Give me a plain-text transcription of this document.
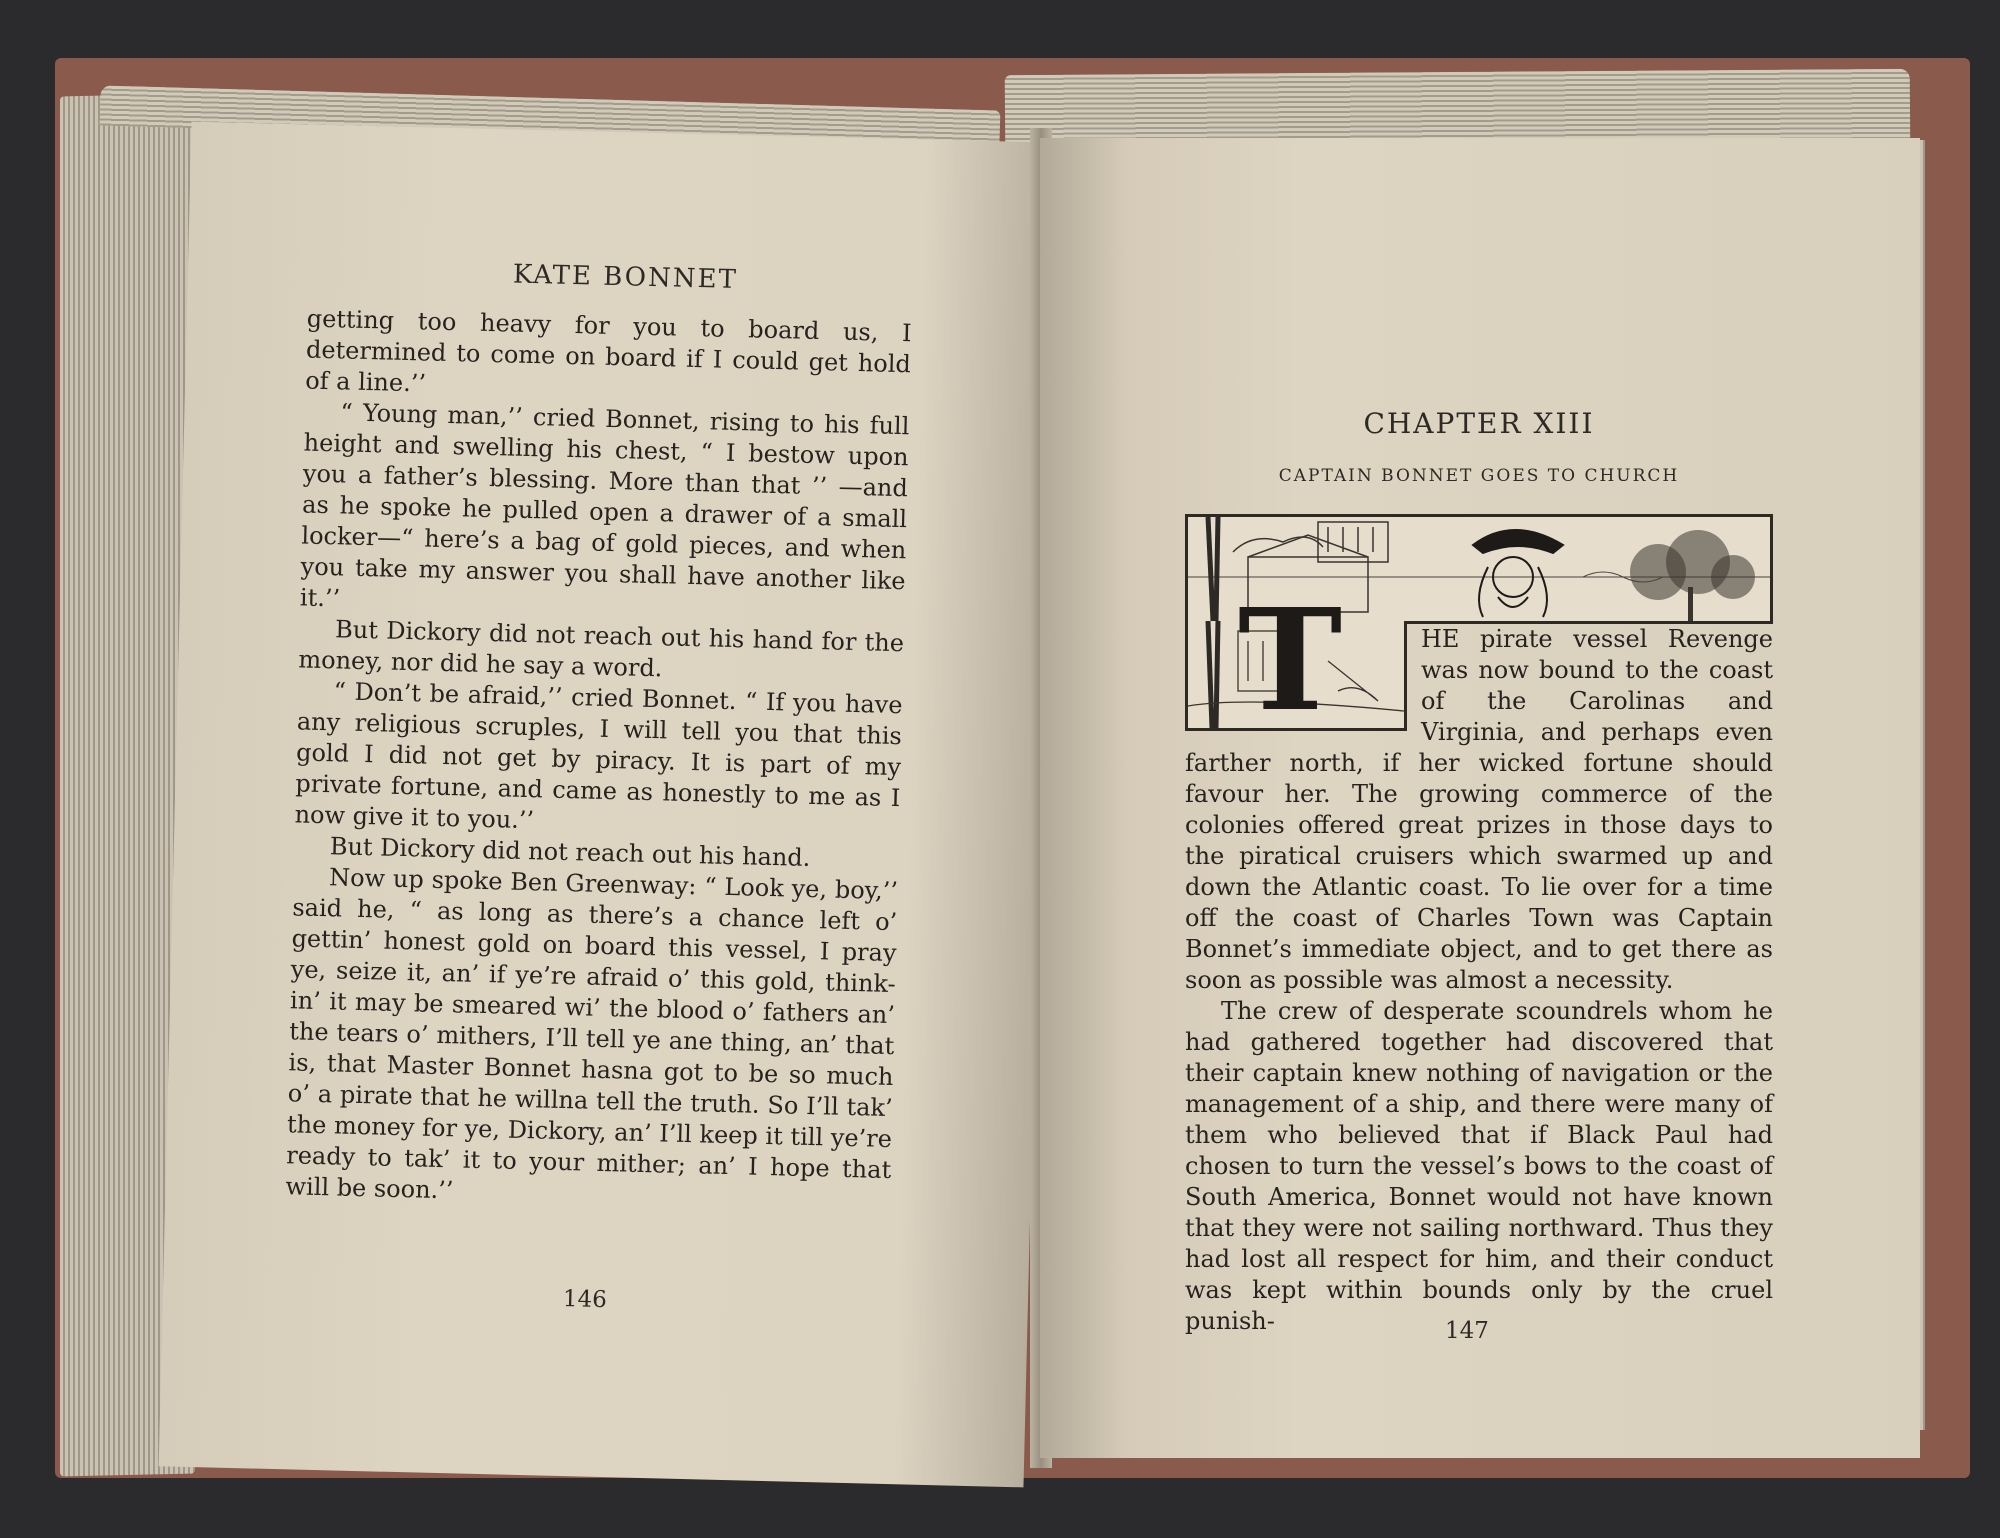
KATE BONNET

getting too heavy for you to board us, I determined to come on board if I could get hold of a line.’’

“ Young man,’’ cried Bonnet, rising to his full height and swelling his chest, “ I bestow upon you a father’s blessing. More than that ’’ —and as he spoke he pulled open a drawer of a small locker—“ here’s a bag of gold pieces, and when you take my answer you shall have another like it.’’

But Dickory did not reach out his hand for the money, nor did he say a word.

“ Don’t be afraid,’’ cried Bonnet. “ If you have any religious scruples, I will tell you that this gold I did not get by piracy. It is part of my private fortune, and came as honestly to me as I now give it to you.’’

But Dickory did not reach out his hand.

Now up spoke Ben Greenway: “ Look ye, boy,’’ said he, “ as long as there’s a chance left o’ gettin’ honest gold on board this vessel, I pray ye, seize it, an’ if ye’re afraid o’ this gold, think-in’ it may be smeared wi’ the blood o’ fathers an’ the tears o’ mithers, I’ll tell ye ane thing, an’ that is, that Master Bonnet hasna got to be so much o’ a pirate that he willna tell the truth. So I’ll tak’ the money for ye, Dickory, an’ I’ll keep it till ye’re ready to tak’ it to your mither; an’ I hope that will be soon.’’

146
CHAPTER XIII
CAPTAIN BONNET GOES TO CHURCH
T	HE pirate vessel Revenge was now bound to the coast of the Carolinas and Virginia, and perhaps even farther north, if her wicked fortune should favour her. The growing commerce of the colonies offered great prizes in those days to the piratical cruisers which swarmed up and down the Atlantic coast. To lie over for a time off the coast of Charles Town was Captain Bonnet’s immediate object, and to get there as soon as possible was almost a necessity.

The crew of desperate scoundrels whom he had gathered together had discovered that their captain knew nothing of navigation or the management of a ship, and there were many of them who believed that if Black Paul had chosen to turn the vessel’s bows to the coast of South America, Bonnet would not have known that they were not sailing northward. Thus they had lost all respect for him, and their conduct was kept within bounds only by the cruel punish-	147
